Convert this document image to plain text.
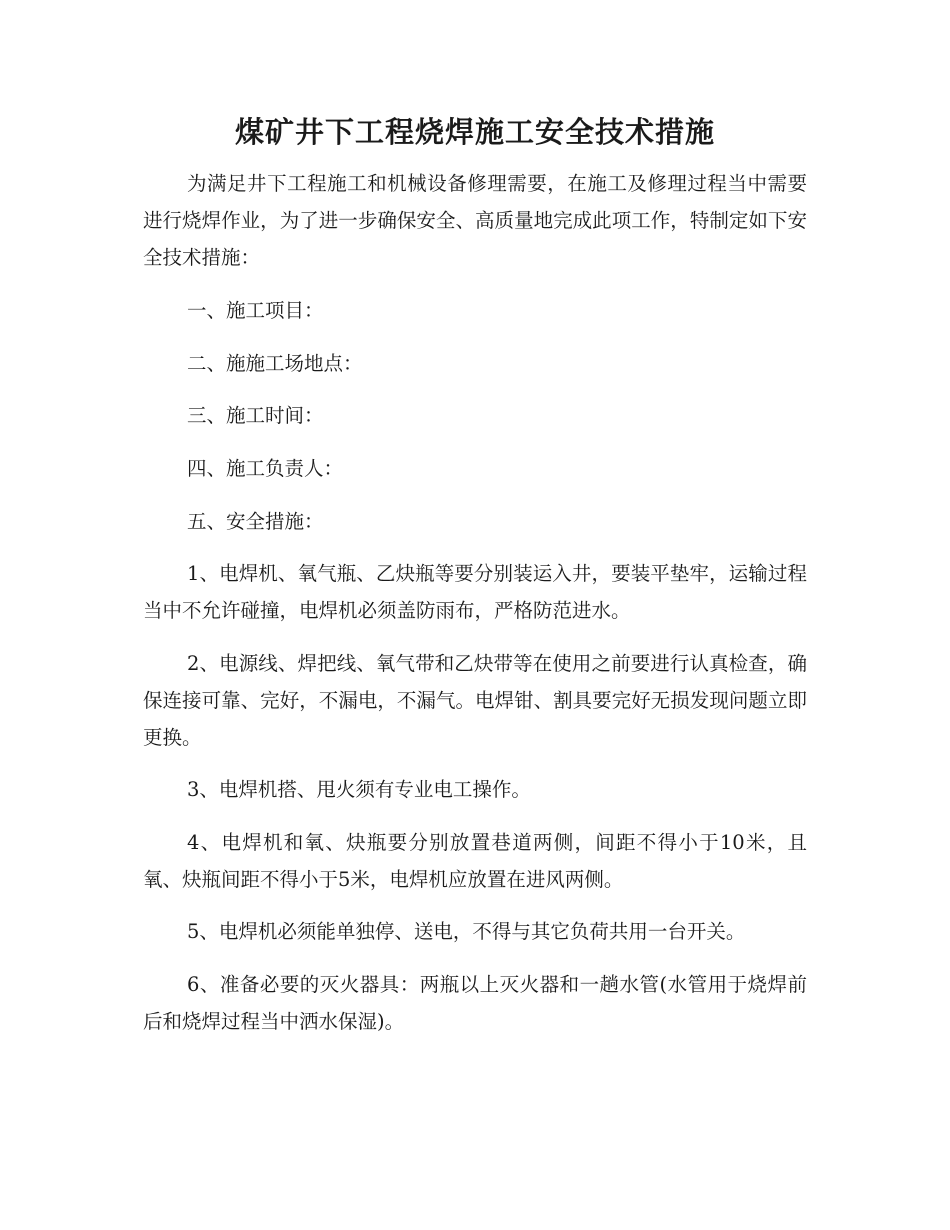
煤矿井下工程烧焊施工安全技术措施

为满足井下工程施工和机械设备修理需要，在施工及修理过程当中需要进行烧焊作业，为了进一步确保安全、高质量地完成此项工作，特制定如下安全技术措施：

一、施工项目：

二、施施工场地点：

三、施工时间：

四、施工负责人：

五、安全措施：

1、电焊机、氧气瓶、乙炔瓶等要分别装运入井，要装平垫牢，运输过程当中不允许碰撞，电焊机必须盖防雨布，严格防范进水。

2、电源线、焊把线、氧气带和乙炔带等在使用之前要进行认真检查，确保连接可靠、完好，不漏电，不漏气。电焊钳、割具要完好无损发现问题立即更换。

3、电焊机搭、甩火须有专业电工操作。

4、电焊机和氧、炔瓶要分别放置巷道两侧，间距不得小于10米，且氧、炔瓶间距不得小于5米，电焊机应放置在进风两侧。

5、电焊机必须能单独停、送电，不得与其它负荷共用一台开关。

6、准备必要的灭火器具：两瓶以上灭火器和一趟水管(水管用于烧焊前后和烧焊过程当中洒水保湿)。
